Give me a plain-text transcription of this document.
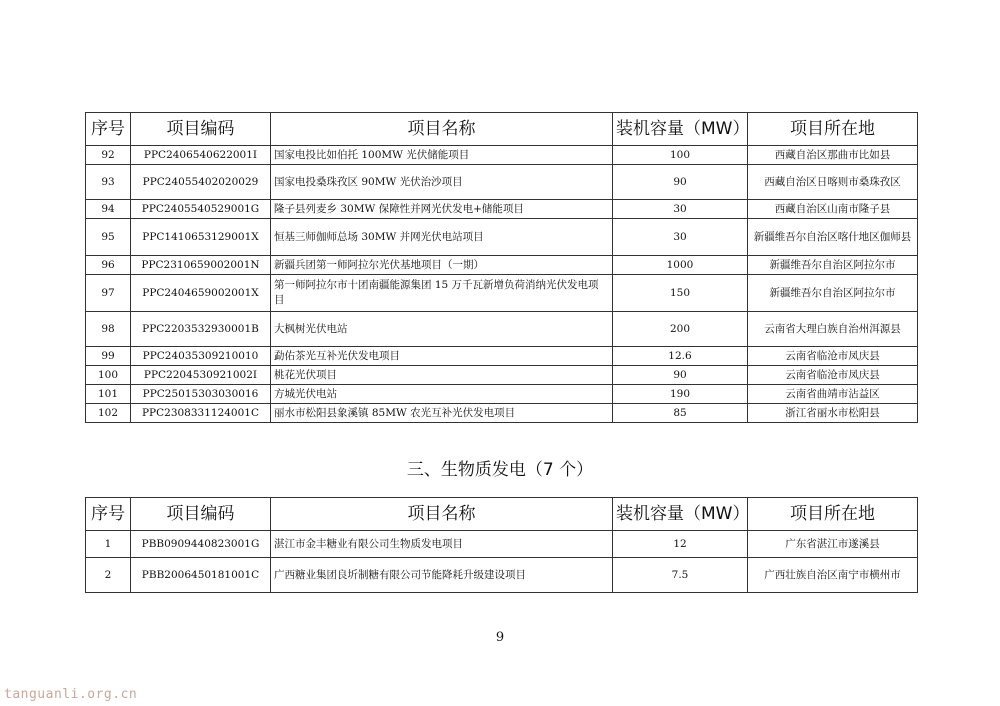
序号	项目编码	项目名称	装机容量（MW）	项目所在地
92	PPC2406540622001I	国家电投比如伯托 100MW 光伏储能项目	100	西藏自治区那曲市比如县
93	PPC24055402020029	国家电投桑珠孜区 90MW 光伏治沙项目	90	西藏自治区日喀则市桑珠孜区
94	PPC2405540529001G	隆子县列麦乡 30MW 保障性并网光伏发电+储能项目	30	西藏自治区山南市隆子县
95	PPC1410653129001X	恒基三师伽师总场 30MW 并网光伏电站项目	30	新疆维吾尔自治区喀什地区伽师县
96	PPC2310659002001N	新疆兵团第一师阿拉尔光伏基地项目（一期）	1000	新疆维吾尔自治区阿拉尔市
97	PPC2404659002001X	第一师阿拉尔市十团南疆能源集团 15 万千瓦新增负荷消纳光伏发电项目	150	新疆维吾尔自治区阿拉尔市
98	PPC2203532930001B	大枫树光伏电站	200	云南省大理白族自治州洱源县
99	PPC24035309210010	勐佑茶光互补光伏发电项目	12.6	云南省临沧市凤庆县
100	PPC2204530921002I	桃花光伏项目	90	云南省临沧市凤庆县
101	PPC25015303030016	方城光伏电站	190	云南省曲靖市沾益区
102	PPC2308331124001C	丽水市松阳县象溪镇 85MW 农光互补光伏发电项目	85	浙江省丽水市松阳县
三、生物质发电（7 个）
序号	项目编码	项目名称	装机容量（MW）	项目所在地
1	PBB0909440823001G	湛江市金丰糖业有限公司生物质发电项目	12	广东省湛江市遂溪县
2	PBB2006450181001C	广西糖业集团良圻制糖有限公司节能降耗升级建设项目	7.5	广西壮族自治区南宁市横州市
9
tanguanli.org.cn
